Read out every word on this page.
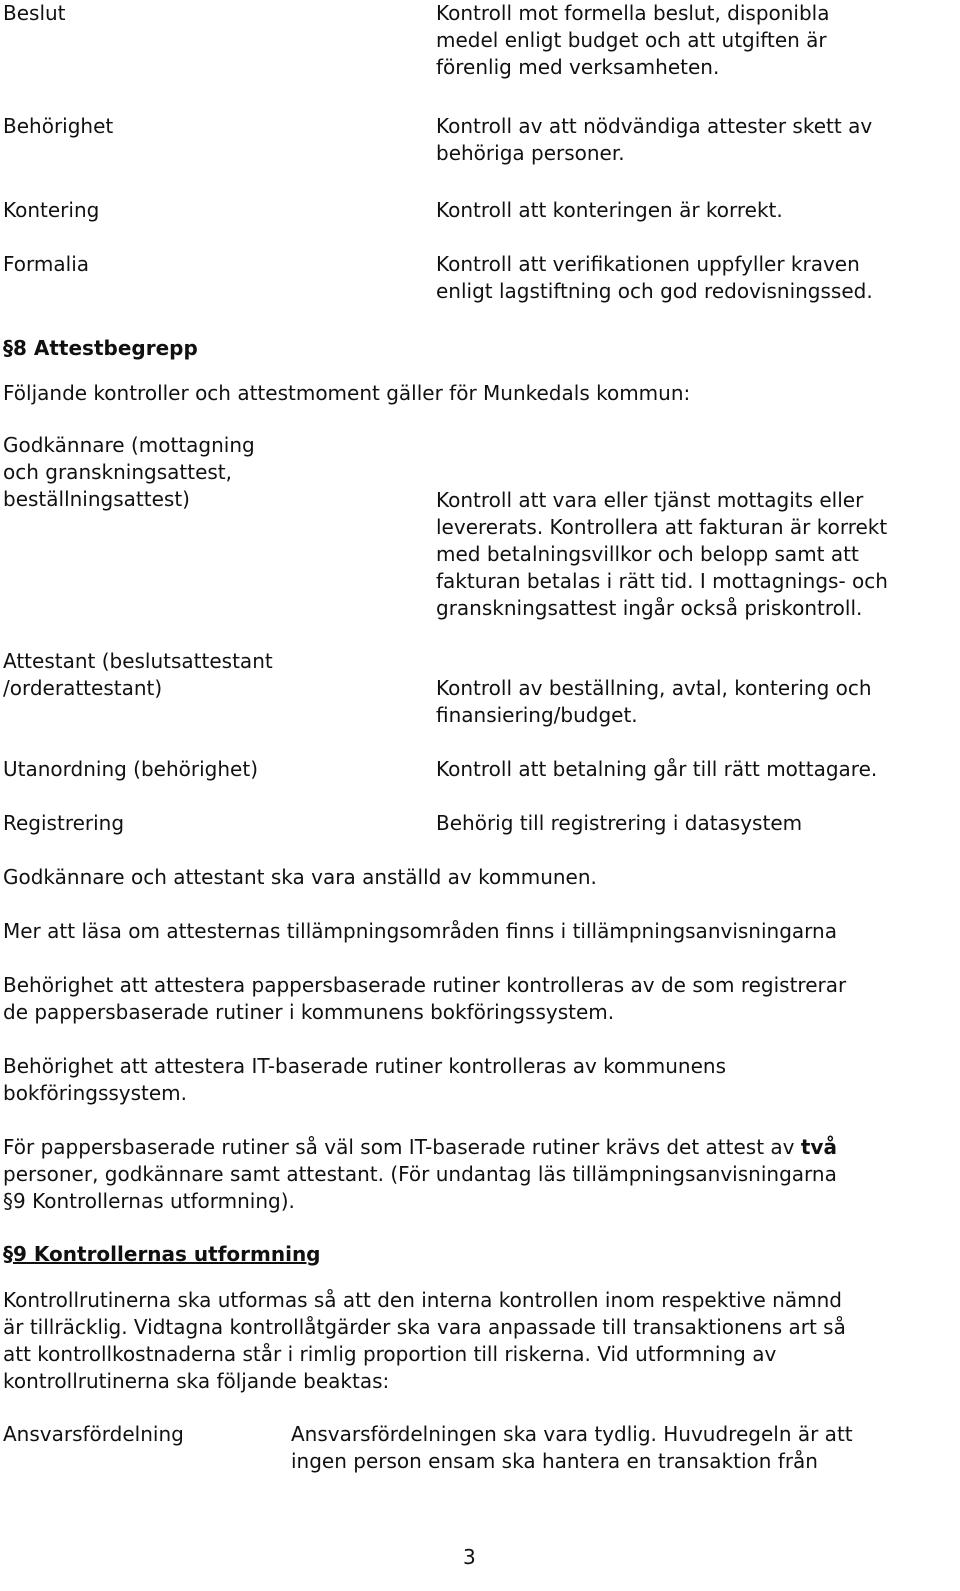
Beslut	Kontroll mot formella beslut, disponibla
medel enligt budget och att utgiften är
förenlig med verksamheten.
Behörighet	Kontroll av att nödvändiga attester skett av
behöriga personer.
Kontering	Kontroll att konteringen är korrekt.
Formalia	Kontroll att verifikationen uppfyller kraven
enligt lagstiftning och god redovisningssed.
§8 Attestbegrepp
Följande kontroller och attestmoment gäller för Munkedals kommun:
Godkännare (mottagning
och granskningsattest,
beställningsattest)	Kontroll att vara eller tjänst mottagits eller
levererats. Kontrollera att fakturan är korrekt
med betalningsvillkor och belopp samt att
fakturan betalas i rätt tid. I mottagnings- och
granskningsattest ingår också priskontroll.
Attestant (beslutsattestant
/orderattestant)	Kontroll av beställning, avtal, kontering och
finansiering/budget.
Utanordning (behörighet)	Kontroll att betalning går till rätt mottagare.
Registrering	Behörig till registrering i datasystem
Godkännare och attestant ska vara anställd av kommunen.
Mer att läsa om attesternas tillämpningsområden finns i tillämpningsanvisningarna
Behörighet att attestera pappersbaserade rutiner kontrolleras av de som registrerar
de pappersbaserade rutiner i kommunens bokföringssystem.
Behörighet att attestera IT-baserade rutiner kontrolleras av kommunens
bokföringssystem.
För pappersbaserade rutiner så väl som IT-baserade rutiner krävs det attest av två
personer, godkännare samt attestant. (För undantag läs tillämpningsanvisningarna
§9 Kontrollernas utformning).
§9 Kontrollernas utformning
Kontrollrutinerna ska utformas så att den interna kontrollen inom respektive nämnd
är tillräcklig. Vidtagna kontrollåtgärder ska vara anpassade till transaktionens art så
att kontrollkostnaderna står i rimlig proportion till riskerna. Vid utformning av
kontrollrutinerna ska följande beaktas:
Ansvarsfördelning	Ansvarsfördelningen ska vara tydlig. Huvudregeln är att
ingen person ensam ska hantera en transaktion från
3
